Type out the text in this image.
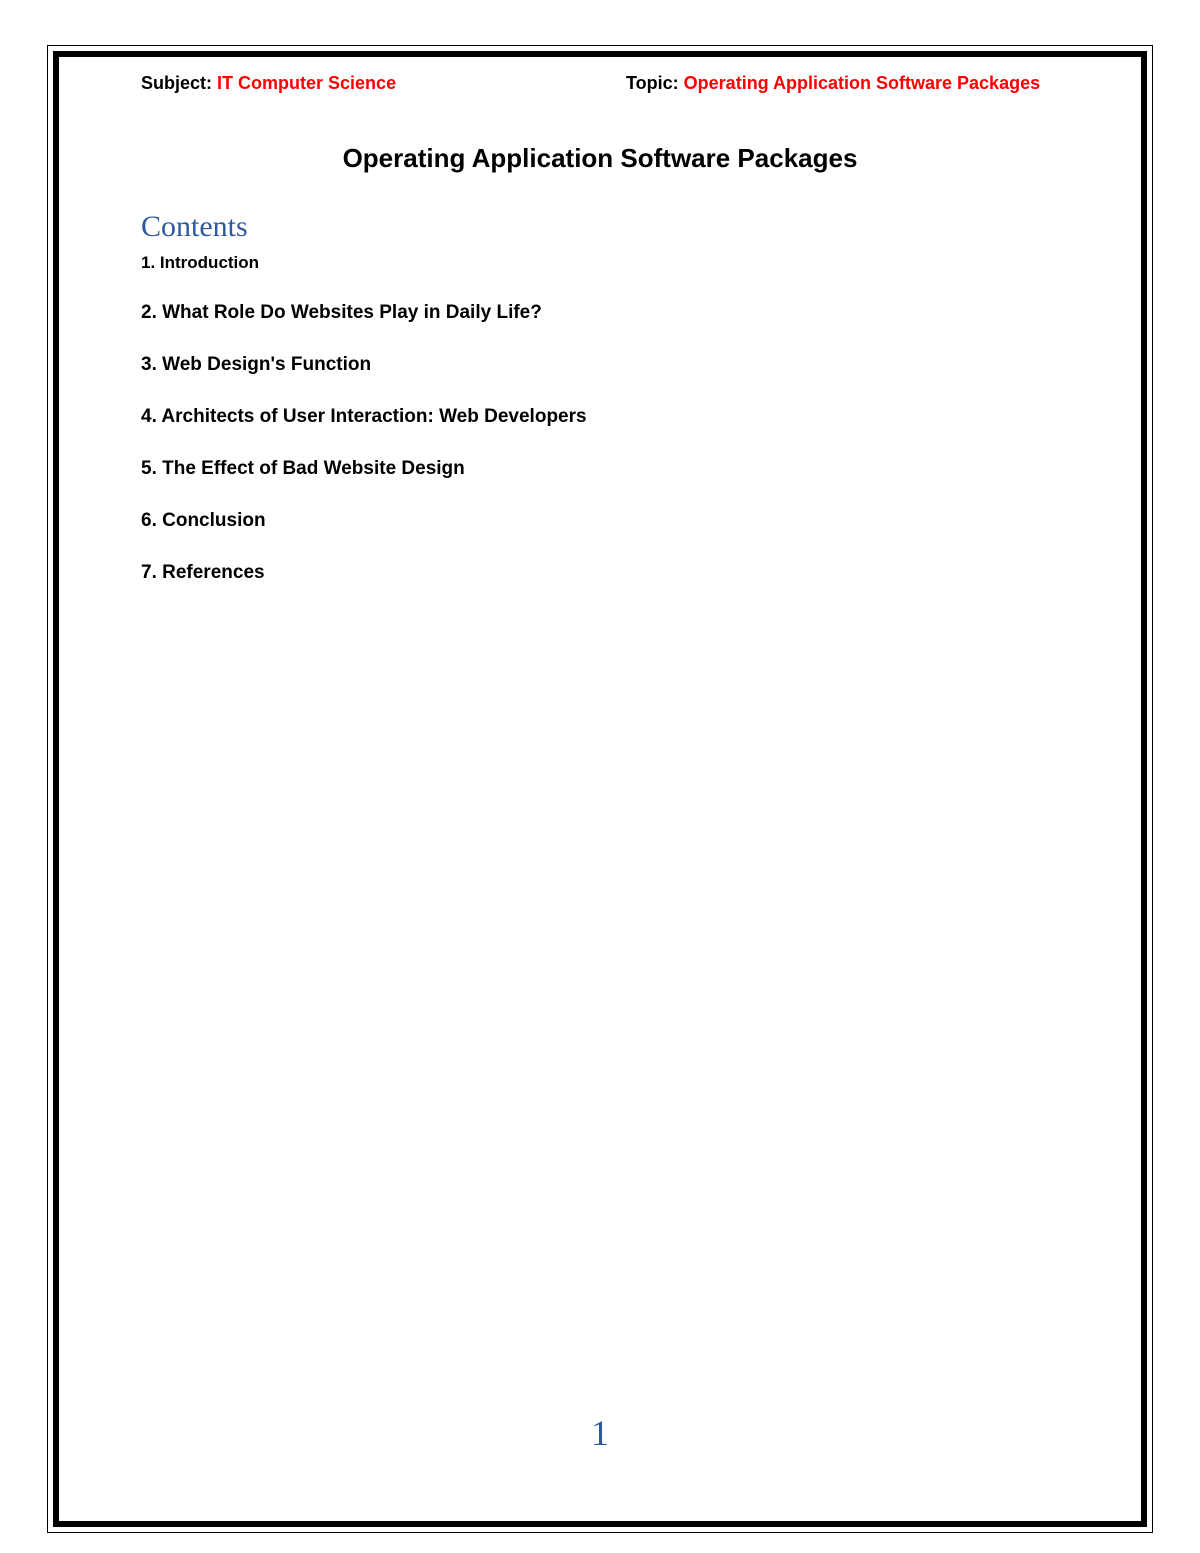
Subject: IT Computer Science	Topic: Operating Application Software Packages
Operating Application Software Packages
Contents
1. Introduction
2. What Role Do Websites Play in Daily Life?
3. Web Design's Function
4. Architects of User Interaction: Web Developers
5. The Effect of Bad Website Design
6. Conclusion
7. References
1
